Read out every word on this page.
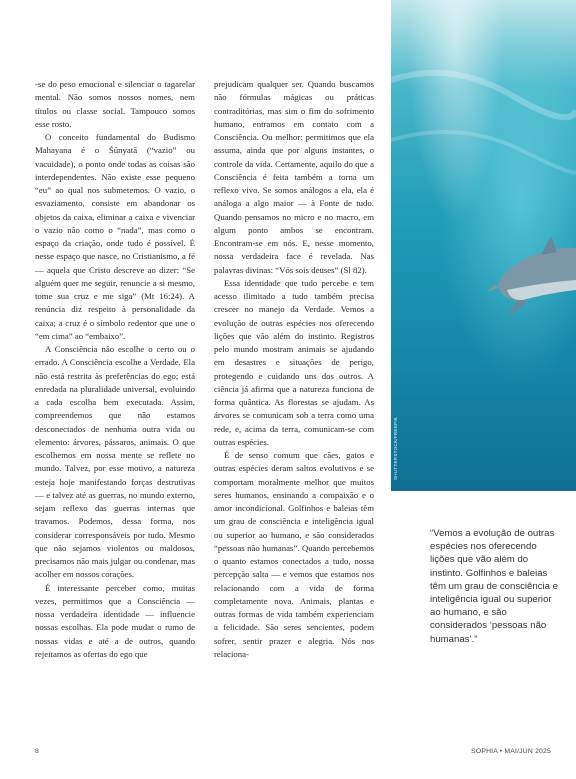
SHUTTERSTOCK/FREEPIK

-se do peso emocional e silenciar o tagarelar mental. Não somos nossos nomes, nem títulos ou classe social. Tampouco somos esse rosto.

O conceito fundamental do Budismo Mahayana é o Śūnyatā (“vazio” ou vacuidade), o ponto onde todas as coisas são interdependentes. Não existe esse pequeno “eu” ao qual nos submetemos. O vazio, o esvaziamento, consiste em abandonar os objetos da caixa, eliminar a caixa e vivenciar o vazio não como o “nada”, mas como o espaço da criação, onde tudo é possível. É nesse espaço que nasce, no Cristianismo, a fé — aquela que Cristo descreve ao dizer: “Se alguém quer me seguir, renuncie a si mesmo, tome sua cruz e me siga” (Mt 16:24). A renúncia diz respeito à personalidade da caixa; a cruz é o símbolo redentor que une o “em cima” ao “embaixo”.

A Consciência não escolhe o certo ou o errado. A Consciência escolhe a Verdade. Ela não está restrita às preferências do ego; está enredada na pluralidade universal, evoluindo a cada escolha bem executada. Assim, compreendemos que não estamos desconectados de nenhuma outra vida ou elemento: árvores, pássaros, animais. O que escolhemos em nossa mente se reflete no mundo. Talvez, por esse motivo, a natureza esteja hoje manifestando forças destrutivas — e talvez até as guerras, no mundo externo, sejam reflexo das guerras internas que travamos. Podemos, dessa forma, nos considerar corresponsáveis por tudo. Mesmo que não sejamos violentos ou maldosos, precisamos não mais julgar ou condenar, mas acolher em nossos corações.

É interessante perceber como, muitas vezes, permitimos que a Consciência — nossa verdadeira identidade — influencie nossas escolhas. Ela pode mudar o rumo de nossas vidas e até a de outros, quando rejeitamos as ofertas do ego que

prejudicam qualquer ser. Quando buscamos não fórmulas mágicas ou práticas contraditórias, mas sim o fim do sofrimento humano, entramos em contato com a Consciência. Ou melhor: permitimos que ela assuma, ainda que por alguns instantes, o controle da vida. Certamente, aquilo do que a Consciência é feita também a torna um reflexo vivo. Se somos análogos a ela, ela é análoga a algo maior — à Fonte de tudo. Quando pensamos no micro e no macro, em algum ponto ambos se encontram. Encontram-se em nós. E, nesse momento, nossa verdadeira face é revelada. Nas palavras divinas: “Vós sois deuses” (Sl 82).

Essa identidade que tudo percebe e tem acesso ilimitado a tudo também precisa crescer no manejo da Verdade. Vemos a evolução de outras espécies nos oferecendo lições que vão além do instinto. Registros pelo mundo mostram animais se ajudando em desastres e situações de perigo, protegendo e cuidando uns dos outros. A ciência já afirma que a natureza funciona de forma quântica. As florestas se ajudam. As árvores se comunicam sob a terra como uma rede, e, acima da terra, comunicam-se com outras espécies.

É de senso comum que cães, gatos e outras espécies deram saltos evolutivos e se comportam moralmente melhor que muitos seres humanos, ensinando a compaixão e o amor incondicional. Golfinhos e baleias têm um grau de consciência e inteligência igual ou superior ao humano, e são considerados “pessoas não humanas”. Quando percebemos o quanto estamos conectados a tudo, nossa percepção salta — e vemos que estamos nos relacionando com a vida de forma completamente nova. Animais, plantas e outras formas de vida também experienciam a felicidade. São seres sencientes, podem sofrer, sentir prazer e alegria. Nós nos relaciona-

“Vemos a evolução de outras espécies nos oferecendo lições que vão além do instinto. Golfinhos e baleias têm um grau de consciência e inteligência igual ou superior ao humano, e são considerados ‘pessoas não humanas’.”
8	SOPHIA • MAI/JUN 2025
